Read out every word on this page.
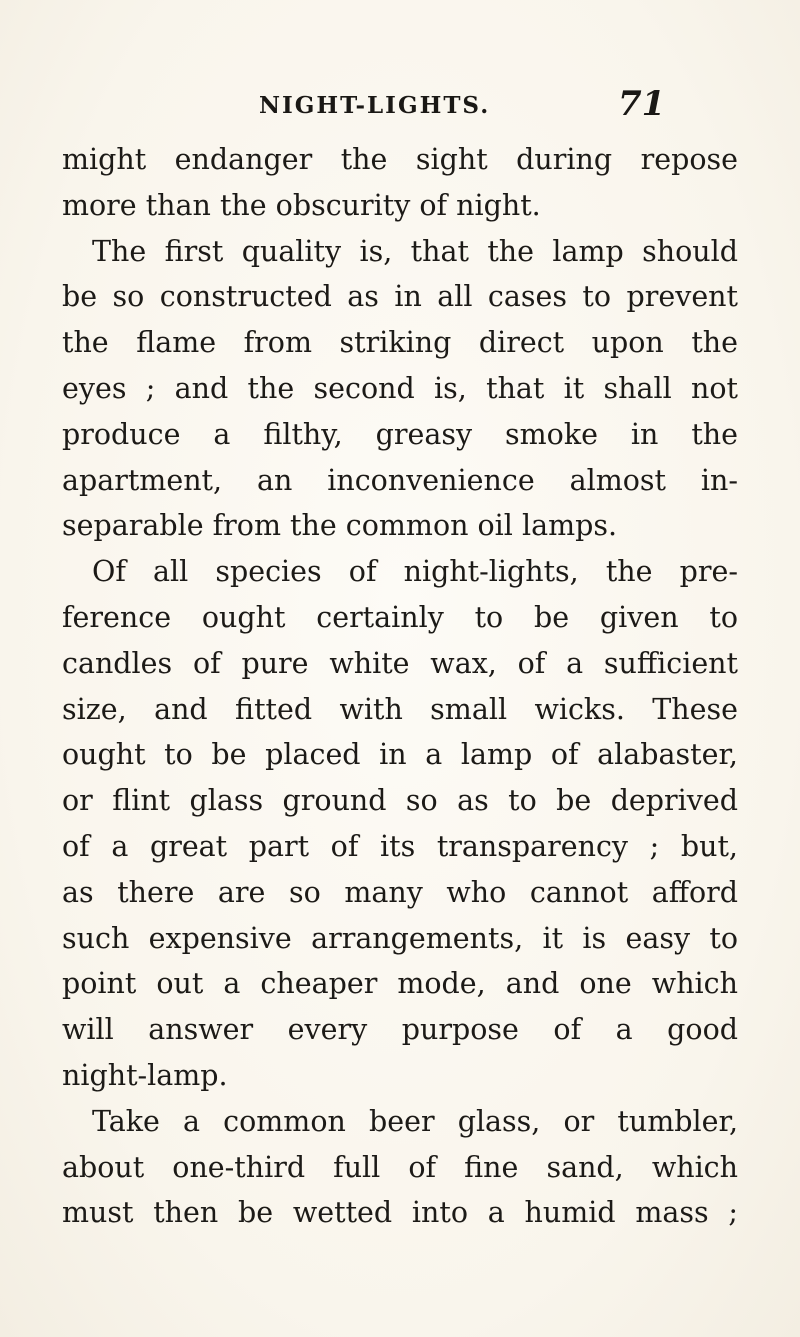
NIGHT-LIGHTS.	71
might endanger the sight during repose
more than the obscurity of night.
The first quality is, that the lamp should
be so constructed as in all cases to prevent
the flame from striking direct upon the
eyes ; and the second is, that it shall not
produce a filthy, greasy smoke in the
apartment, an inconvenience almost in-
separable from the common oil lamps.
Of all species of night-lights, the pre-
ference ought certainly to be given to
candles of pure white wax, of a sufficient
size, and fitted with small wicks. These
ought to be placed in a lamp of alabaster,
or flint glass ground so as to be deprived
of a great part of its transparency ; but,
as there are so many who cannot afford
such expensive arrangements, it is easy to
point out a cheaper mode, and one which
will answer every purpose of a good
night-lamp.
Take a common beer glass, or tumbler,
about one-third full of fine sand, which
must then be wetted into a humid mass ;
